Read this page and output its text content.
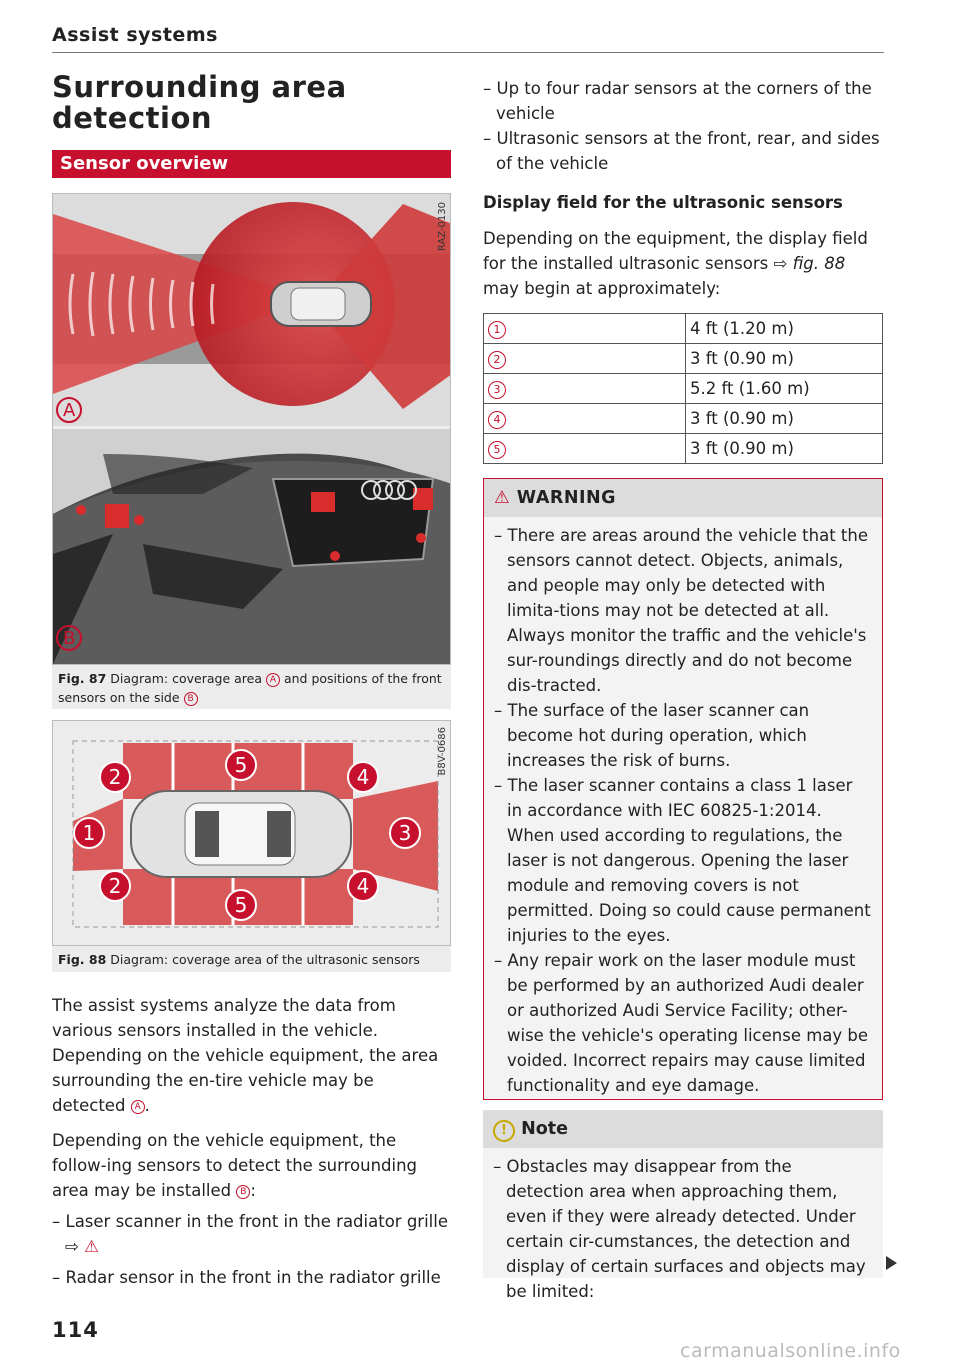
Assist systems
Surrounding area detection
Sensor overview
A
B
RAZ-0130
Fig. 87 Diagram: coverage area A and positions of the front sensors on the side B
1
2
2
3
4
4
5
5
B8V-0686
Fig. 88 Diagram: coverage area of the ultrasonic sensors

The assist systems analyze the data from various sensors installed in the vehicle. Depending on the vehicle equipment, the area surrounding the en-tire vehicle may be detected A .

Depending on the vehicle equipment, the follow-ing sensors to detect the surrounding area may be installed B :

– Laser scanner in the front in the radiator grille
⇨ ⚠

– Radar sensor in the front in the radiator grille

– Up to four radar sensors at the corners of the vehicle

– Ultrasonic sensors at the front, rear, and sides of the vehicle

Display field for the ultrasonic sensors
Depending on the equipment, the display field for the installed ultrasonic sensors ⇨ fig. 88 may begin at approximately:
1	4 ft (1.20 m)
2	3 ft (0.90 m)
3	5.2 ft (1.60 m)
4	3 ft (0.90 m)
5	3 ft (0.90 m)
⚠ WARNING

– There are areas around the vehicle that the sensors cannot detect. Objects, animals, and people may only be detected with limita-tions may not be detected at all. Always monitor the traffic and the vehicle's sur-roundings directly and do not become dis-tracted.

– The surface of the laser scanner can become hot during operation, which increases the risk of burns.

– The laser scanner contains a class 1 laser in accordance with IEC 60825-1:2014. When used according to regulations, the laser is not dangerous. Opening the laser module and removing covers is not permitted. Doing so could cause permanent injuries to the eyes.

– Any repair work on the laser module must be performed by an authorized Audi dealer or authorized Audi Service Facility; other-wise the vehicle's operating license may be voided. Incorrect repairs may cause limited functionality and eye damage.

! Note

– Obstacles may disappear from the detection area when approaching them, even if they were already detected. Under certain cir-cumstances, the detection and display of certain surfaces and objects may be limited:

114
carmanualsonline.info
